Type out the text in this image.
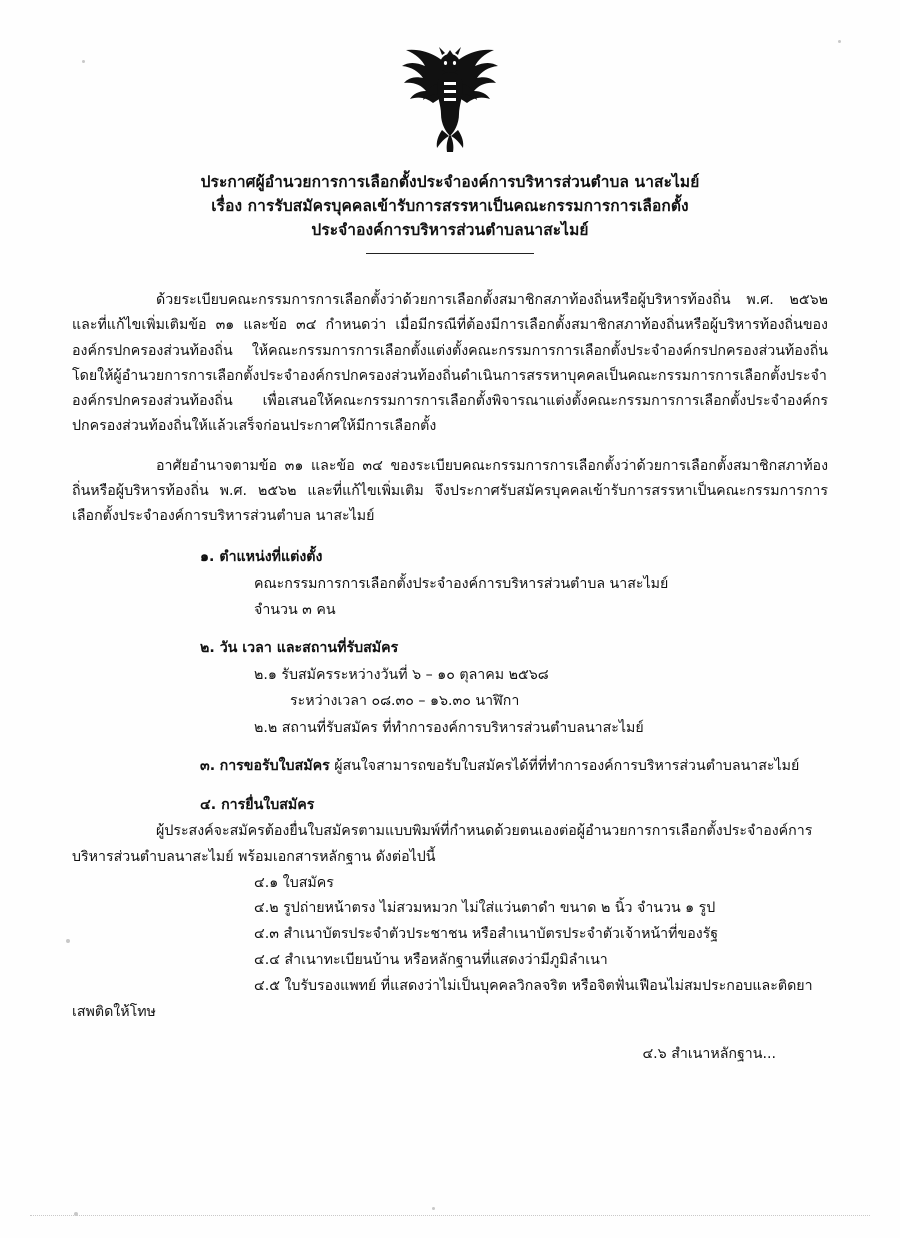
ประกาศผู้อำนวยการการเลือกตั้งประจำองค์การบริหารส่วนตำบล นาสะไมย์
เรื่อง การรับสมัครบุคคลเข้ารับการสรรหาเป็นคณะกรรมการการเลือกตั้ง
ประจำองค์การบริหารส่วนตำบลนาสะไมย์

ด้วยระเบียบคณะกรรมการการเลือกตั้งว่าด้วยการเลือกตั้งสมาชิกสภาท้องถิ่นหรือผู้บริหารท้องถิ่น พ.ศ. ๒๕๖๒ และที่แก้ไขเพิ่มเติมข้อ ๓๑ และข้อ ๓๔ กำหนดว่า เมื่อมีกรณีที่ต้องมีการเลือกตั้งสมาชิกสภาท้องถิ่นหรือผู้บริหารท้องถิ่นขององค์กรปกครองส่วนท้องถิ่น ให้คณะกรรมการการเลือกตั้งแต่งตั้งคณะกรรมการการเลือกตั้งประจำองค์กรปกครองส่วนท้องถิ่น โดยให้ผู้อำนวยการการเลือกตั้งประจำองค์กรปกครองส่วนท้องถิ่นดำเนินการสรรหาบุคคลเป็นคณะกรรมการการเลือกตั้งประจำองค์กรปกครองส่วนท้องถิ่น เพื่อเสนอให้คณะกรรมการการเลือกตั้งพิจารณาแต่งตั้งคณะกรรมการการเลือกตั้งประจำองค์กรปกครองส่วนท้องถิ่นให้แล้วเสร็จก่อนประกาศให้มีการเลือกตั้ง

อาศัยอำนาจตามข้อ ๓๑ และข้อ ๓๔ ของระเบียบคณะกรรมการการเลือกตั้งว่าด้วยการเลือกตั้งสมาชิกสภาท้องถิ่นหรือผู้บริหารท้องถิ่น พ.ศ. ๒๕๖๒ และที่แก้ไขเพิ่มเติม จึงประกาศรับสมัครบุคคลเข้ารับการสรรหาเป็นคณะกรรมการการเลือกตั้งประจำองค์การบริหารส่วนตำบล นาสะไมย์

๑. ตำแหน่งที่แต่งตั้ง
คณะกรรมการการเลือกตั้งประจำองค์การบริหารส่วนตำบล นาสะไมย์
จำนวน ๓ คน
๒. วัน เวลา และสถานที่รับสมัคร
๒.๑ รับสมัครระหว่างวันที่ ๖ – ๑๐ ตุลาคม ๒๕๖๘
ระหว่างเวลา ๐๘.๓๐ – ๑๖.๓๐ นาฬิกา
๒.๒ สถานที่รับสมัคร ที่ทำการองค์การบริหารส่วนตำบลนาสะไมย์
๓. การขอรับใบสมัคร ผู้สนใจสามารถขอรับใบสมัครได้ที่ที่ทำการองค์การบริหารส่วนตำบลนาสะไมย์
๔. การยื่นใบสมัคร

ผู้ประสงค์จะสมัครต้องยื่นใบสมัครตามแบบพิมพ์ที่กำหนดด้วยตนเองต่อผู้อำนวยการการเลือกตั้งประจำองค์การบริหารส่วนตำบลนาสะไมย์ พร้อมเอกสารหลักฐาน ดังต่อไปนี้

๔.๑ ใบสมัคร
๔.๒ รูปถ่ายหน้าตรง ไม่สวมหมวก ไม่ใส่แว่นตาดำ ขนาด ๒ นิ้ว จำนวน ๑ รูป
๔.๓ สำเนาบัตรประจำตัวประชาชน หรือสำเนาบัตรประจำตัวเจ้าหน้าที่ของรัฐ
๔.๔ สำเนาทะเบียนบ้าน หรือหลักฐานที่แสดงว่ามีภูมิลำเนา
๔.๕ ใบรับรองแพทย์ ที่แสดงว่าไม่เป็นบุคคลวิกลจริต หรือจิตฟั่นเฟือนไม่สมประกอบและติดยา
เสพติดให้โทษ
๔.๖ สำเนาหลักฐาน...
